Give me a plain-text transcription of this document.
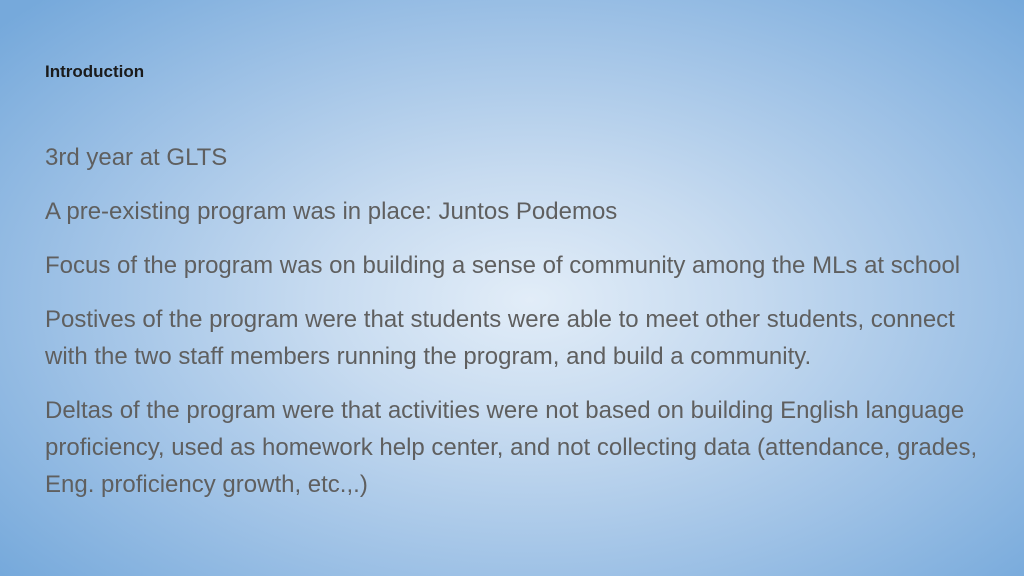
Introduction
3rd year at GLTS
A pre-existing program was in place: Juntos Podemos
Focus of the program was on building a sense of community among the MLs at school
Postives of the program were that students were able to meet other students, connect with the two staff members running the program, and build a community.
Deltas of the program were that activities were not based on building English language proficiency, used as homework help center, and not collecting data (attendance, grades, Eng. proficiency growth, etc.,.)
